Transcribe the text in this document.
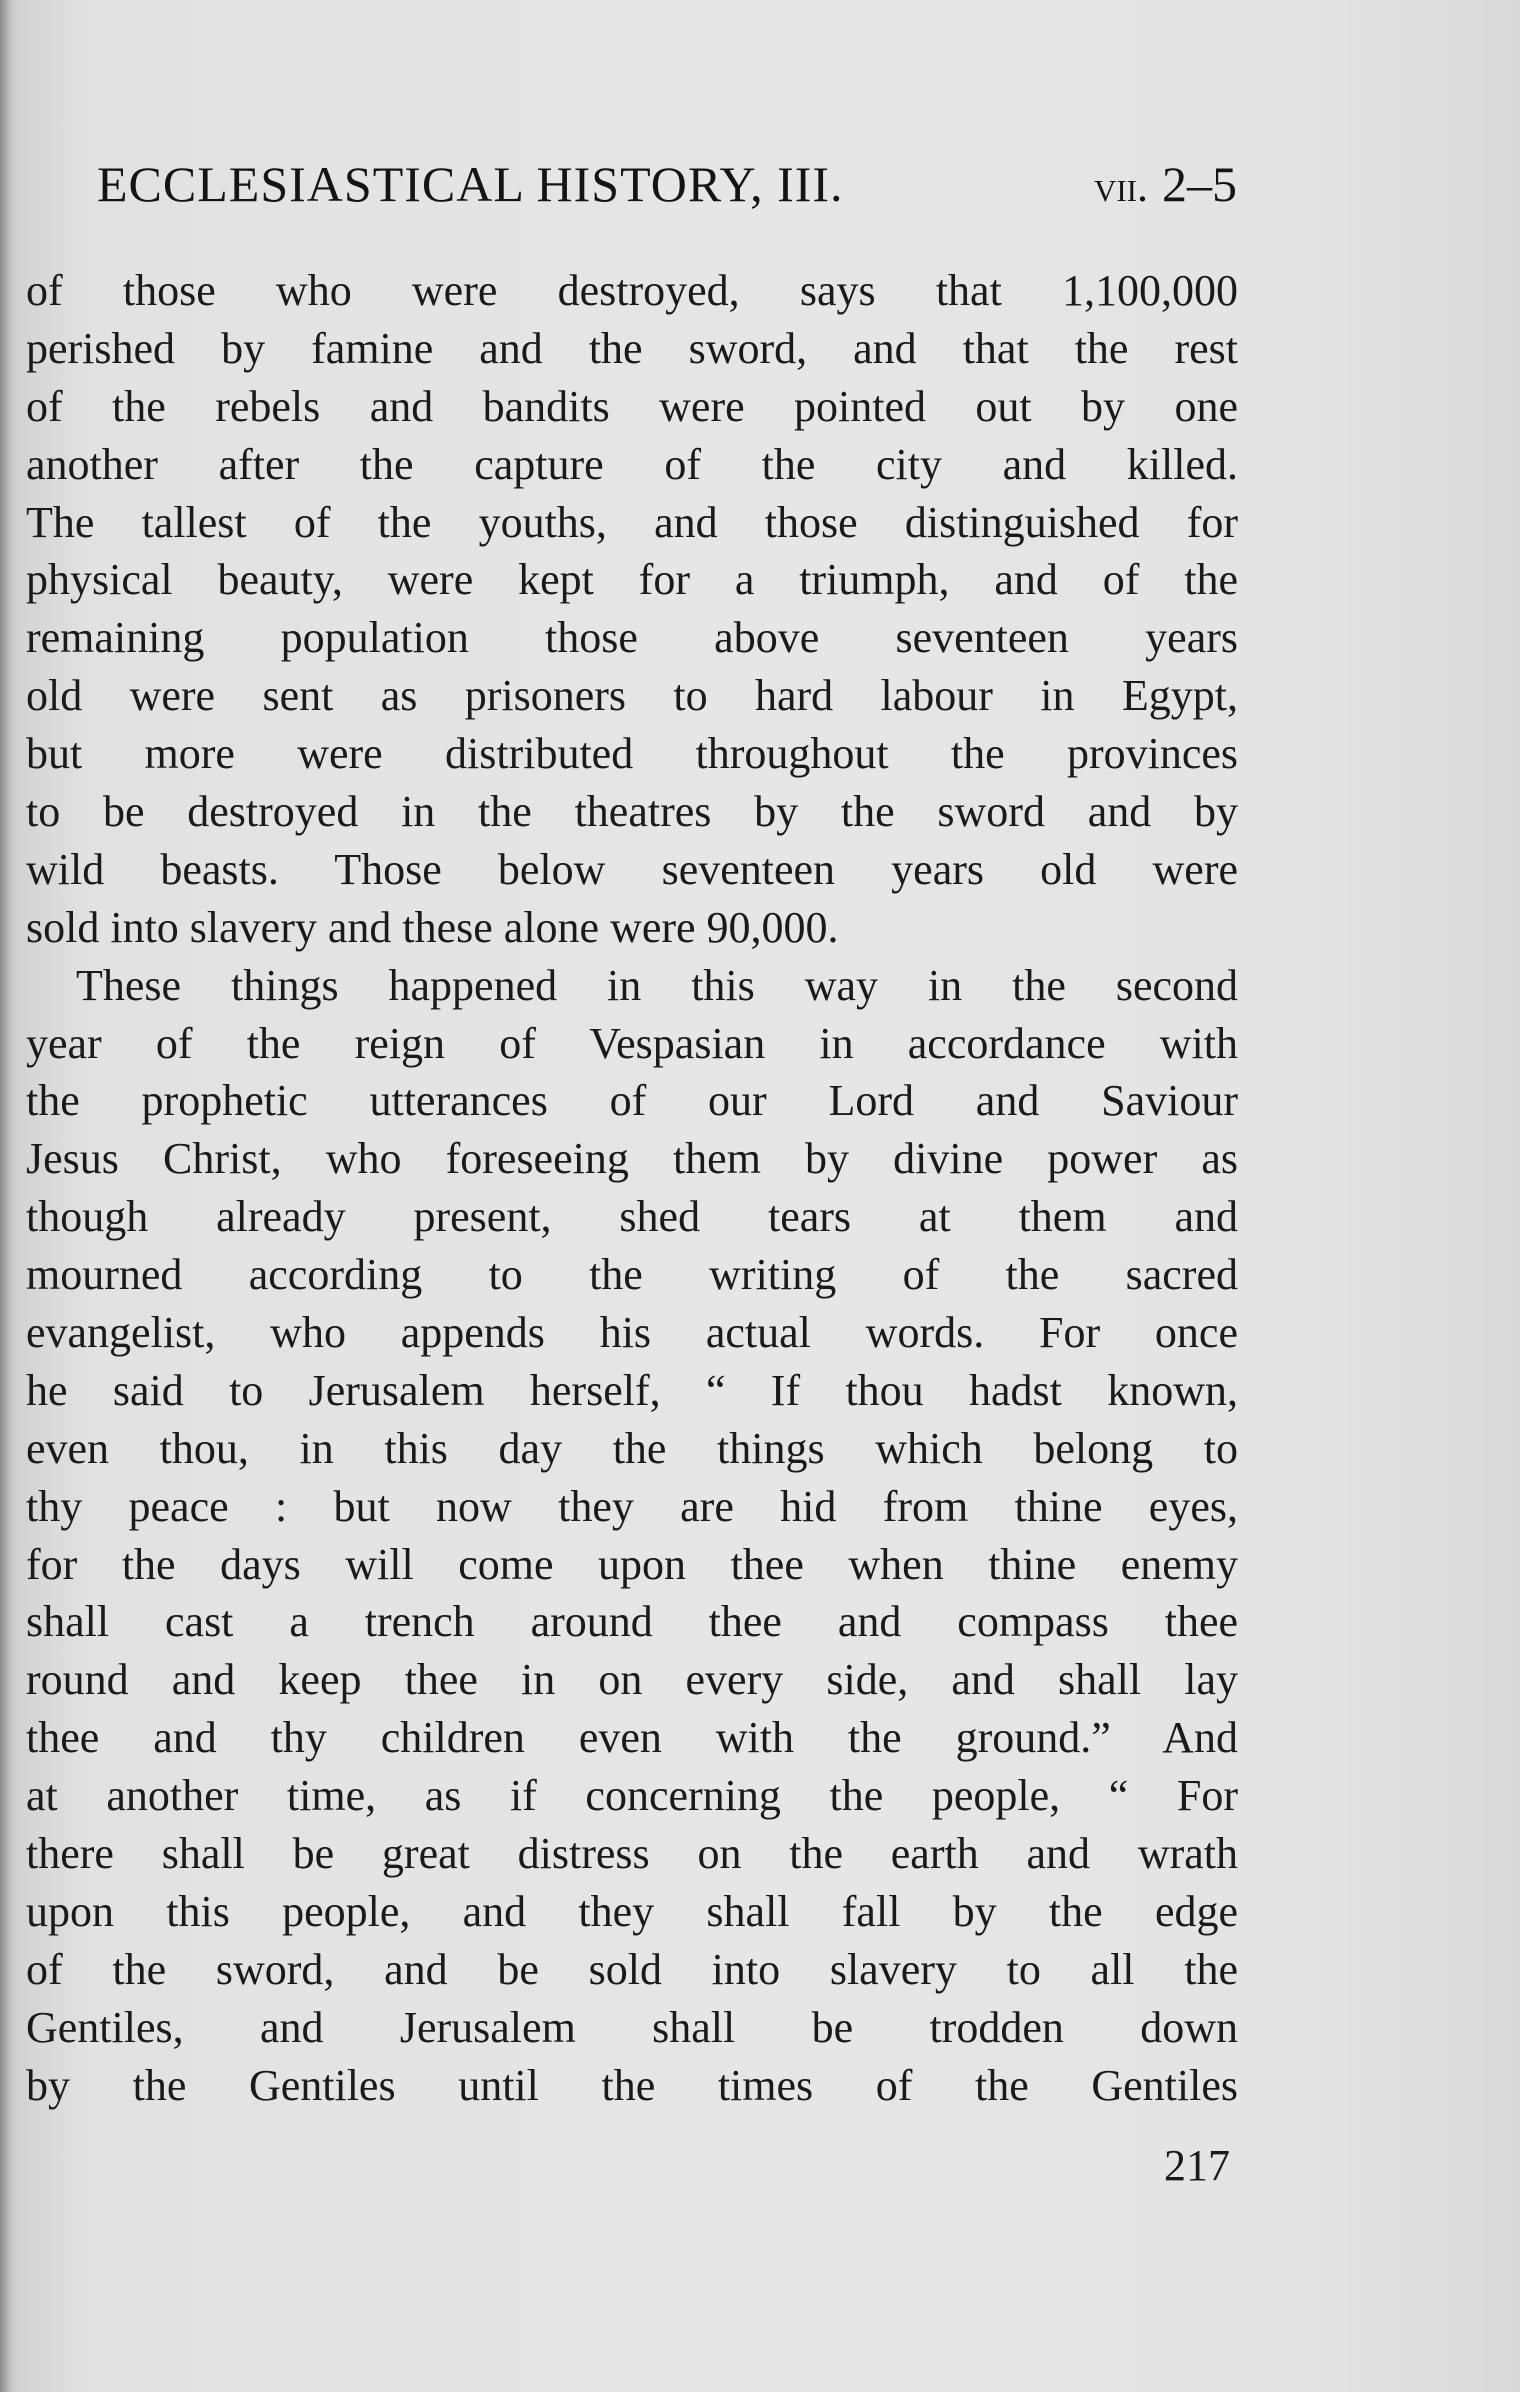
ECCLESIASTICAL HISTORY, III.	vii. 2–5
of those who were destroyed, says that 1,100,000
perished by famine and the sword, and that the rest
of the rebels and bandits were pointed out by one
another after the capture of the city and killed.
The tallest of the youths, and those distinguished for
physical beauty, were kept for a triumph, and of the
remaining population those above seventeen years
old were sent as prisoners to hard labour in Egypt,
but more were distributed throughout the provinces
to be destroyed in the theatres by the sword and by
wild beasts. Those below seventeen years old were
sold into slavery and these alone were 90,000.
These things happened in this way in the second
year of the reign of Vespasian in accordance with
the prophetic utterances of our Lord and Saviour
Jesus Christ, who foreseeing them by divine power as
though already present, shed tears at them and
mourned according to the writing of the sacred
evangelist, who appends his actual words. For once
he said to Jerusalem herself, “ If thou hadst known,
even thou, in this day the things which belong to
thy peace : but now they are hid from thine eyes,
for the days will come upon thee when thine enemy
shall cast a trench around thee and compass thee
round and keep thee in on every side, and shall lay
thee and thy children even with the ground.” And
at another time, as if concerning the people, “ For
there shall be great distress on the earth and wrath
upon this people, and they shall fall by the edge
of the sword, and be sold into slavery to all the
Gentiles, and Jerusalem shall be trodden down
by the Gentiles until the times of the Gentiles
217
